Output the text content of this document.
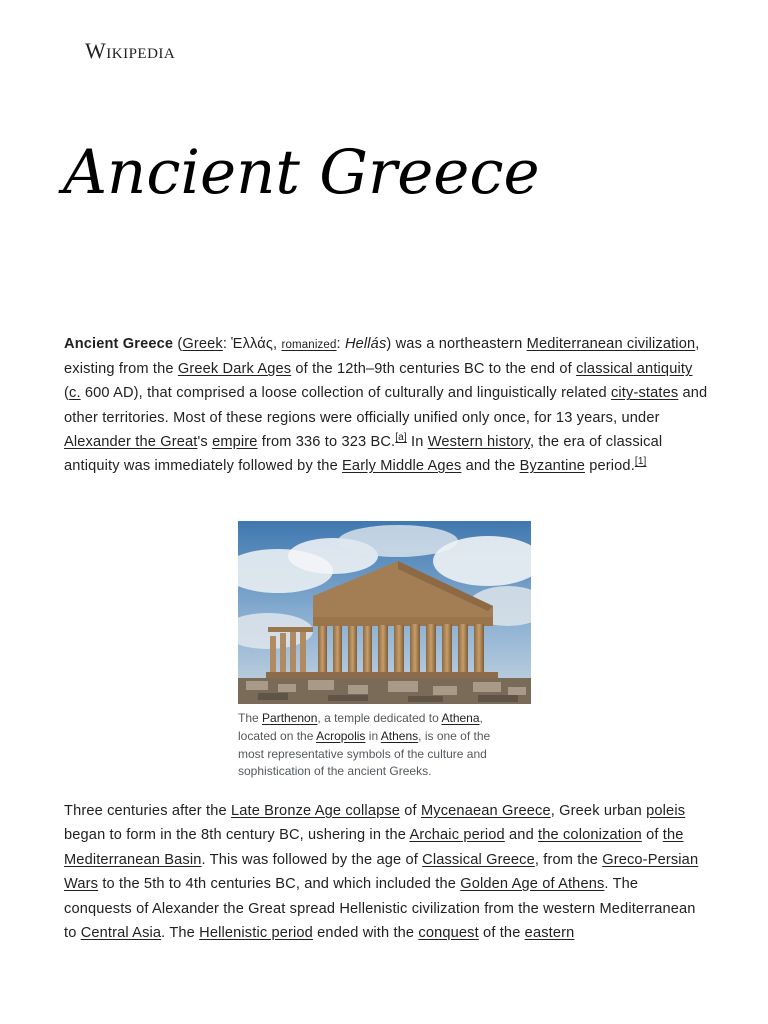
Wikipedia
Ancient Greece

Ancient Greece (Greek: Ἑλλάς, romanized: Hellás) was a northeastern Mediterranean civilization, existing from the Greek Dark Ages of the 12th–9th centuries BC to the end of classical antiquity (c. 600 AD), that comprised a loose collection of culturally and linguistically related city-states and other territories. Most of these regions were officially unified only once, for 13 years, under Alexander the Great's empire from 336 to 323 BC.[a] In Western history, the era of classical antiquity was immediately followed by the Early Middle Ages and the Byzantine period.[1]

The Parthenon, a temple dedicated to Athena, located on the Acropolis in Athens, is one of the most representative symbols of the culture and sophistication of the ancient Greeks.

Three centuries after the Late Bronze Age collapse of Mycenaean Greece, Greek urban poleis began to form in the 8th century BC, ushering in the Archaic period and the colonization of the Mediterranean Basin. This was followed by the age of Classical Greece, from the Greco-Persian Wars to the 5th to 4th centuries BC, and which included the Golden Age of Athens. The conquests of Alexander the Great spread Hellenistic civilization from the western Mediterranean to Central Asia. The Hellenistic period ended with the conquest of the eastern
